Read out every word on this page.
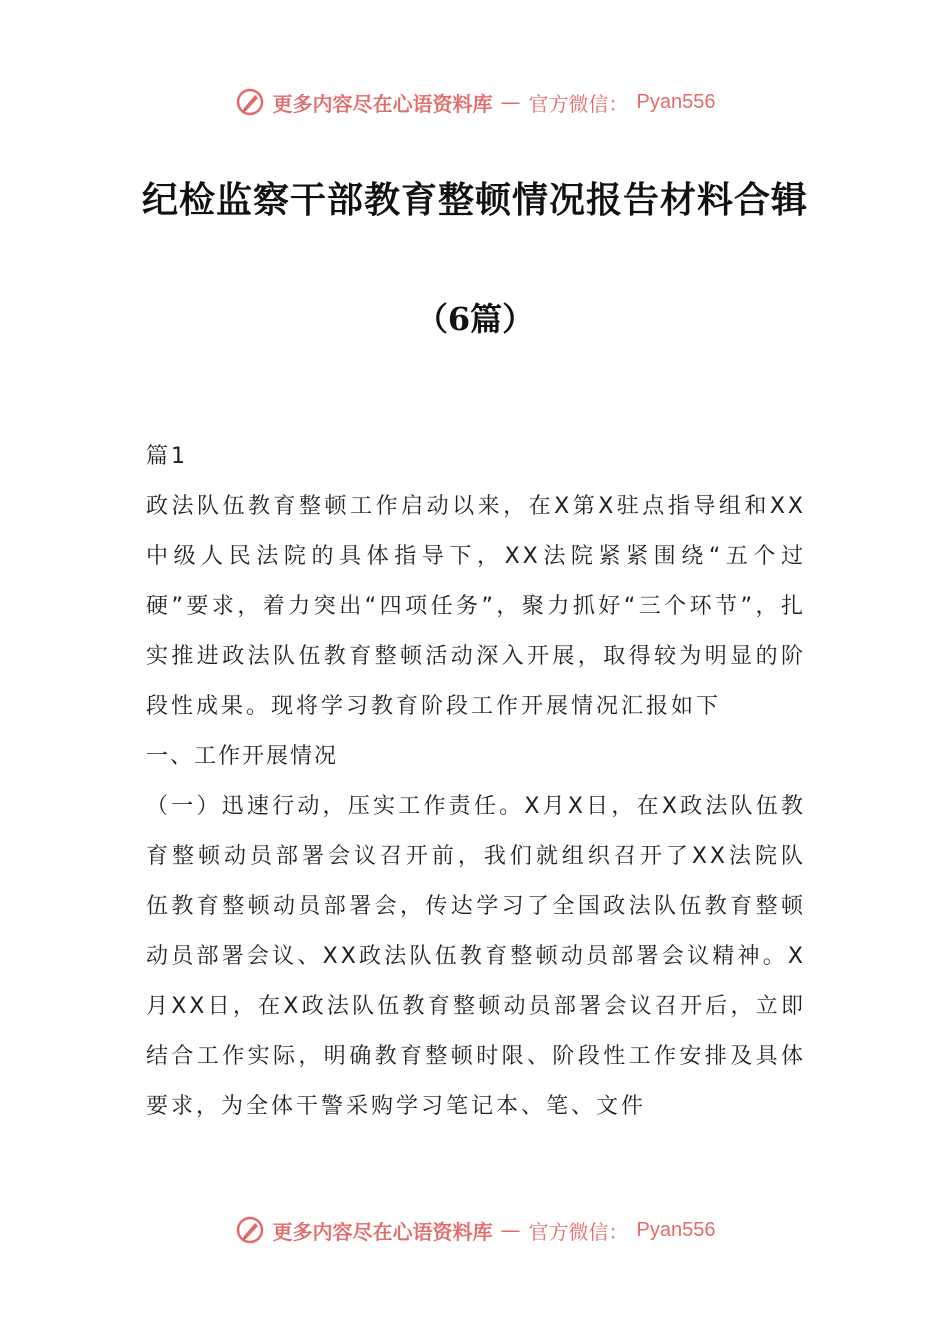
更多内容尽在心语资料库 — 官方微信： Pyan556
纪检监察干部教育整顿情况报告材料合辑
（6篇）

篇1

政法队伍教育整顿工作启动以来，在X第X驻点指导组和XX中级人民法院的具体指导下，XX法院紧紧围绕“五个过硬”要求，着力突出“四项任务”，聚力抓好“三个环节”，扎实推进政法队伍教育整顿活动深入开展，取得较为明显的阶段性成果。现将学习教育阶段工作开展情况汇报如下

一、工作开展情况

（一）迅速行动，压实工作责任。X月X日，在X政法队伍教育整顿动员部署会议召开前，我们就组织召开了XX法院队伍教育整顿动员部署会，传达学习了全国政法队伍教育整顿动员部署会议、XX政法队伍教育整顿动员部署会议精神。X月XX日，在X政法队伍教育整顿动员部署会议召开后，立即结合工作实际，明确教育整顿时限、阶段性工作安排及具体要求，为全体干警采购学习笔记本、笔、文件

更多内容尽在心语资料库 — 官方微信： Pyan556
